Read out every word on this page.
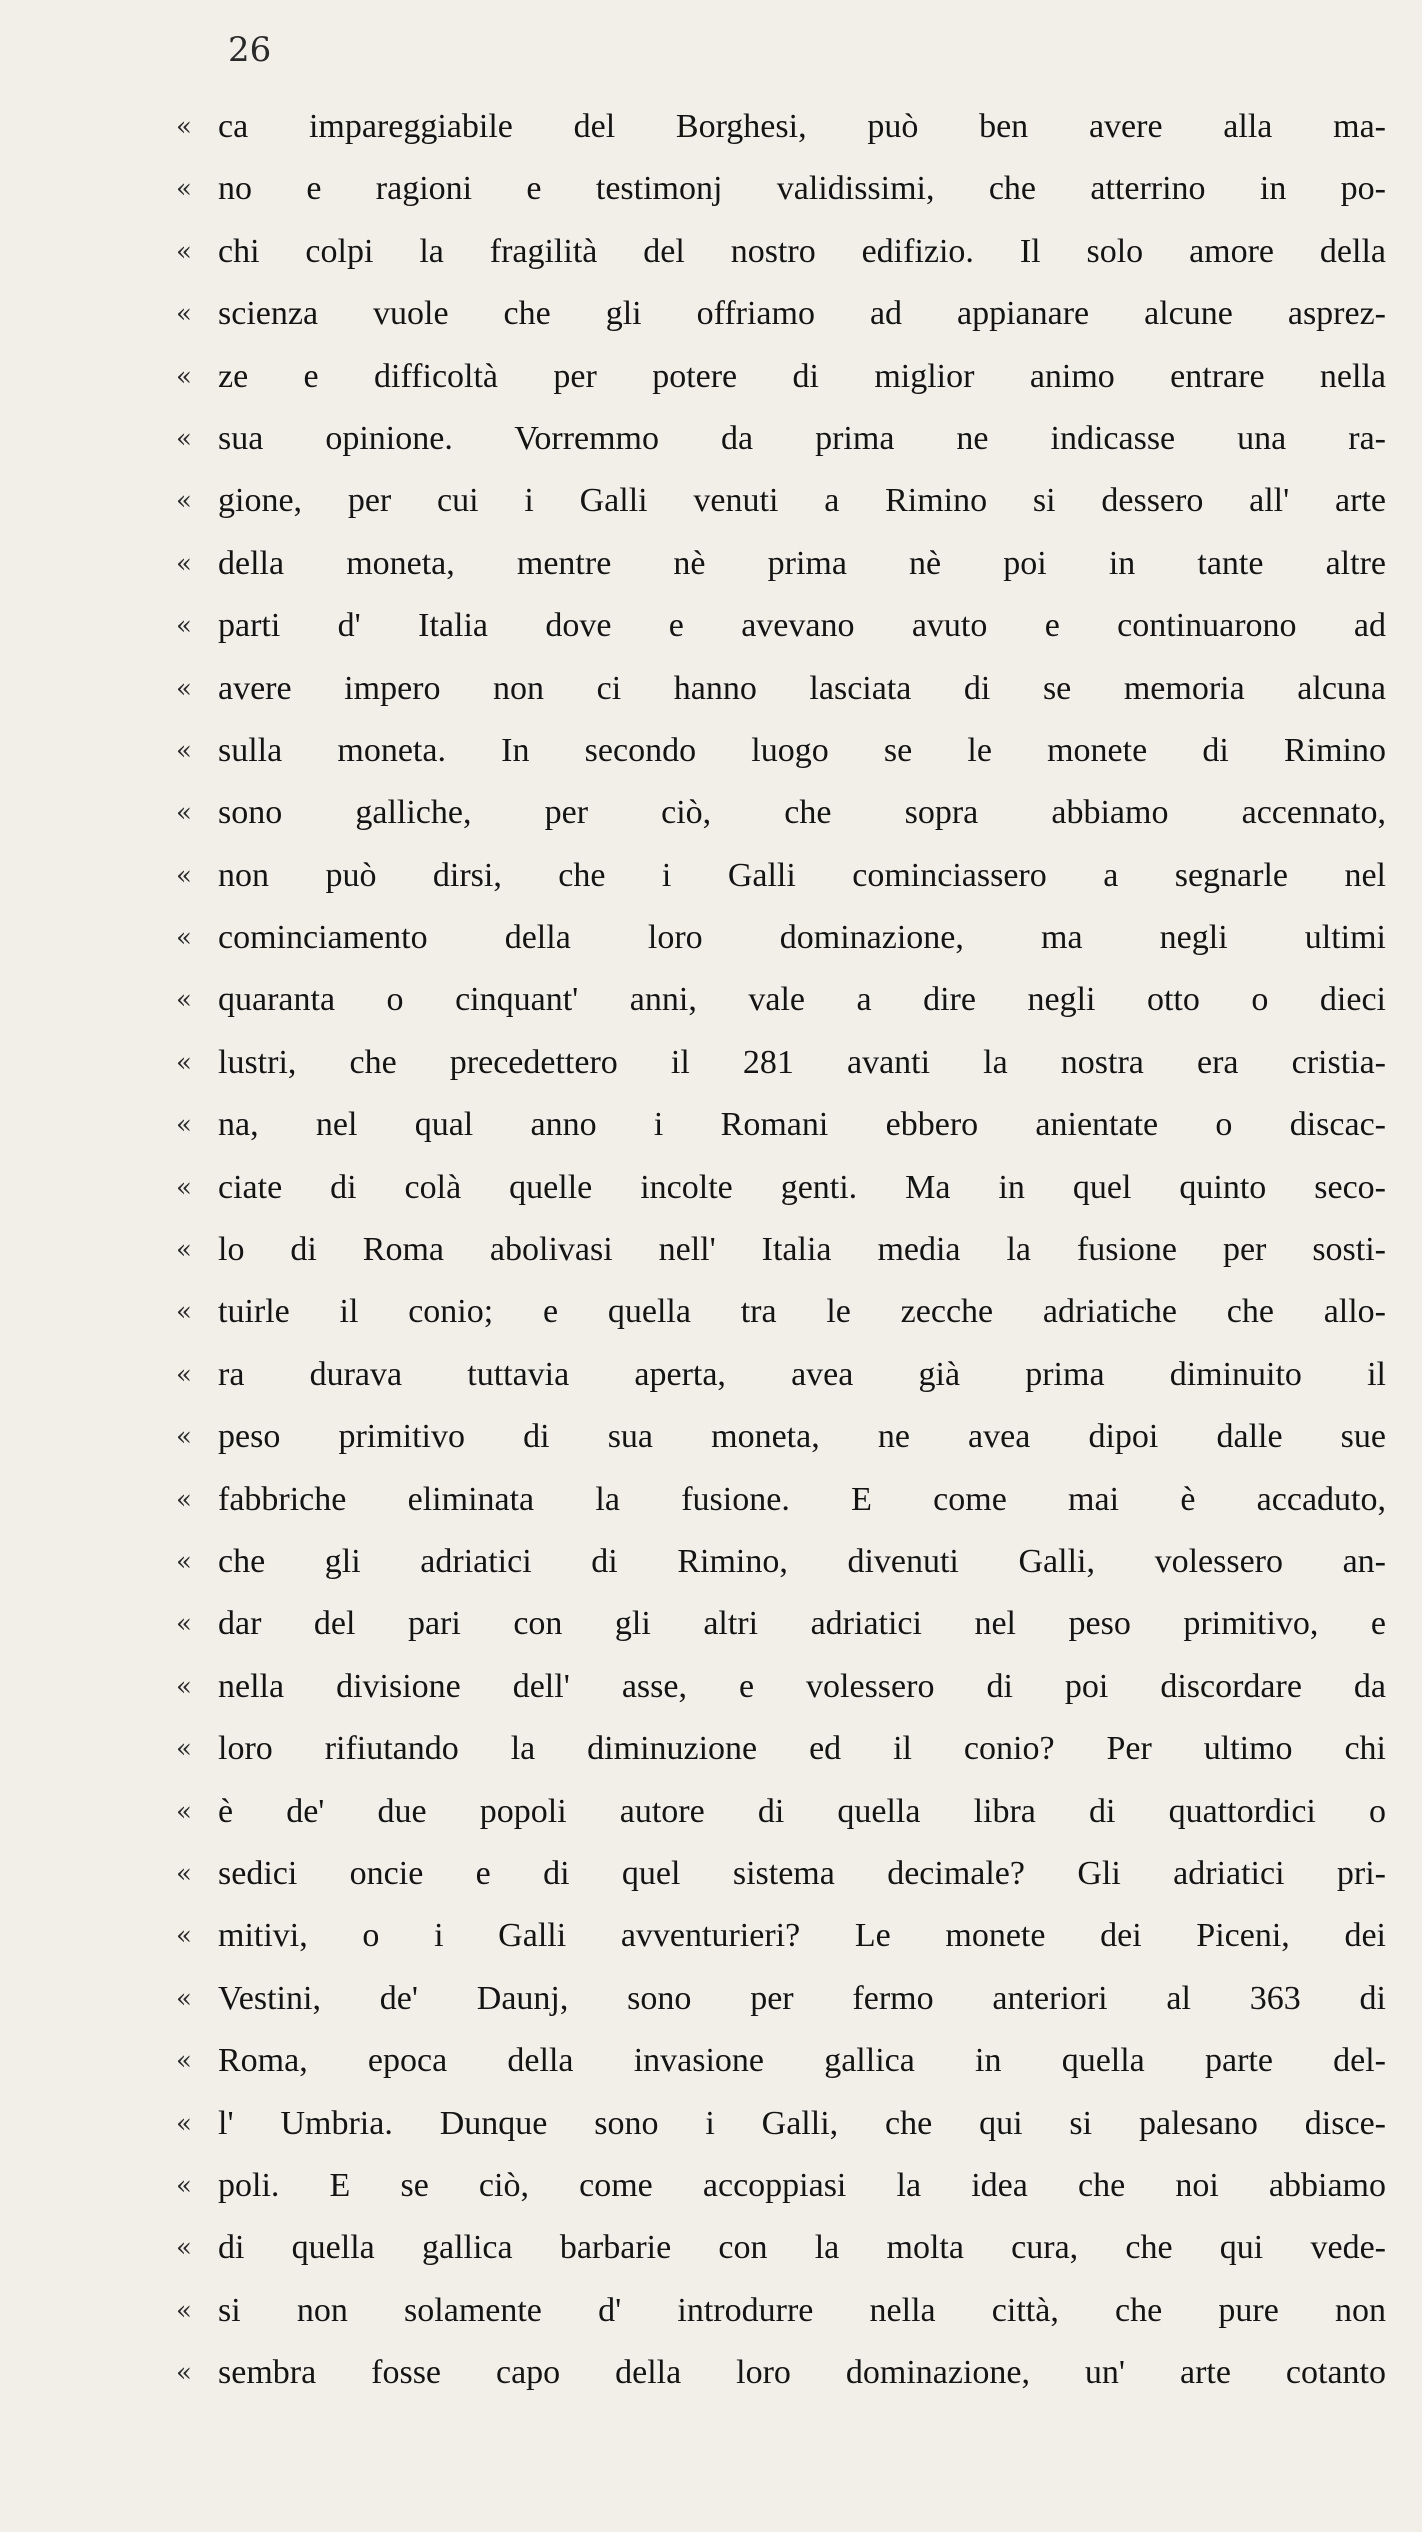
26
« ca impareggiabile del Borghesi, può ben avere alla ma-
« no e ragioni e testimonj validissimi, che atterrino in po-
« chi colpi la fragilità del nostro edifizio. Il solo amore della
« scienza vuole che gli offriamo ad appianare alcune asprez-
« ze e difficoltà per potere di miglior animo entrare nella
« sua opinione. Vorremmo da prima ne indicasse una ra-
« gione, per cui i Galli venuti a Rimino si dessero all' arte
« della moneta, mentre nè prima nè poi in tante altre
« parti d' Italia dove e avevano avuto e continuarono ad
« avere impero non ci hanno lasciata di se memoria alcuna
« sulla moneta. In secondo luogo se le monete di Rimino
« sono galliche, per ciò, che sopra abbiamo accennato,
« non può dirsi, che i Galli cominciassero a segnarle nel
« cominciamento della loro dominazione, ma negli ultimi
« quaranta o cinquant' anni, vale a dire negli otto o dieci
« lustri, che precedettero il 281 avanti la nostra era cristia-
« na, nel qual anno i Romani ebbero anientate o discac-
« ciate di colà quelle incolte genti. Ma in quel quinto seco-
« lo di Roma abolivasi nell' Italia media la fusione per sosti-
« tuirle il conio; e quella tra le zecche adriatiche che allo-
« ra durava tuttavia aperta, avea già prima diminuito il
« peso primitivo di sua moneta, ne avea dipoi dalle sue
« fabbriche eliminata la fusione. E come mai è accaduto,
« che gli adriatici di Rimino, divenuti Galli, volessero an-
« dar del pari con gli altri adriatici nel peso primitivo, e
« nella divisione dell' asse, e volessero di poi discordare da
« loro rifiutando la diminuzione ed il conio? Per ultimo chi
« è de' due popoli autore di quella libra di quattordici o
« sedici oncie e di quel sistema decimale? Gli adriatici pri-
« mitivi, o i Galli avventurieri? Le monete dei Piceni, dei
« Vestini, de' Daunj, sono per fermo anteriori al 363 di
« Roma, epoca della invasione gallica in quella parte del-
« l' Umbria. Dunque sono i Galli, che qui si palesano disce-
« poli. E se ciò, come accoppiasi la idea che noi abbiamo
« di quella gallica barbarie con la molta cura, che qui vede-
« si non solamente d' introdurre nella città, che pure non
« sembra fosse capo della loro dominazione, un' arte cotanto
